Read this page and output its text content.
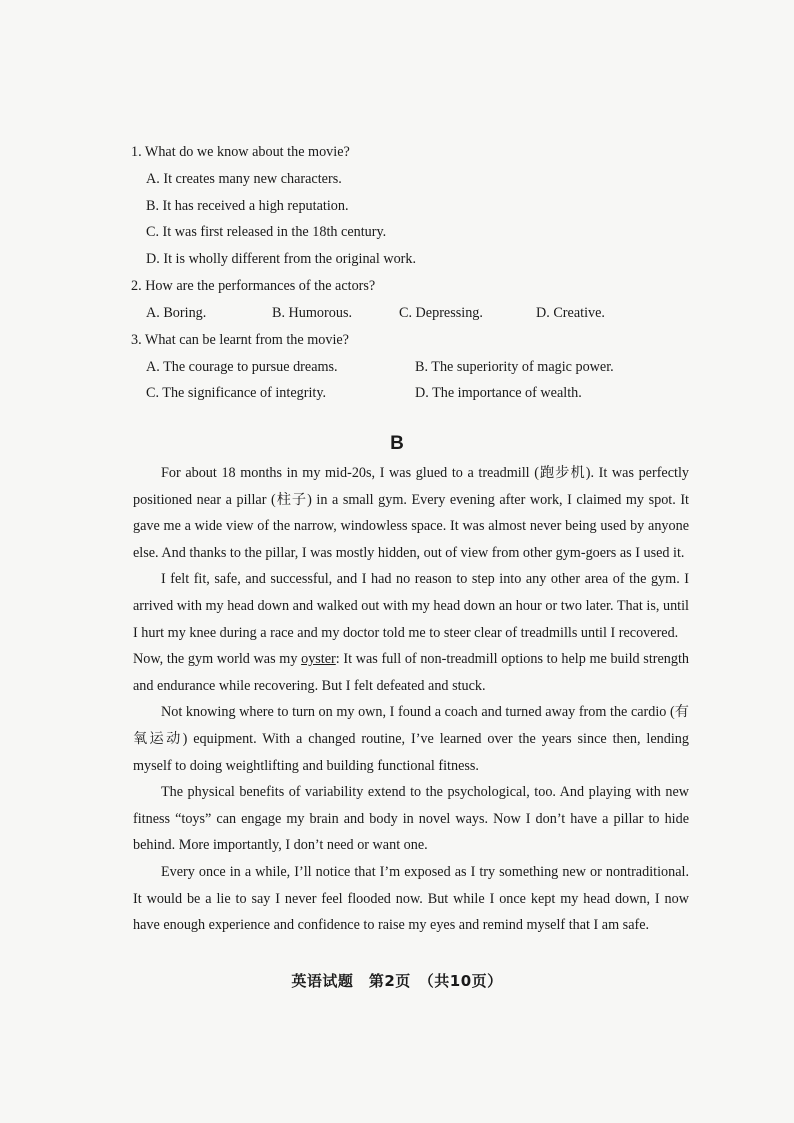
1. What do we know about the movie?
A. It creates many new characters.
B. It has received a high reputation.
C. It was first released in the 18th century.
D. It is wholly different from the original work.
2. How are the performances of the actors?
A. Boring.	B. Humorous.	C. Depressing.	D. Creative.
3. What can be learnt from the movie?
A. The courage to pursue dreams.	B. The superiority of magic power.
C. The significance of integrity.	D. The importance of wealth.
B

For about 18 months in my mid-20s, I was glued to a treadmill (跑步机). It was perfectly positioned near a pillar (柱子) in a small gym. Every evening after work, I claimed my spot. It gave me a wide view of the narrow, windowless space. It was almost never being used by anyone else. And thanks to the pillar, I was mostly hidden, out of view from other gym-goers as I used it.

I felt fit, safe, and successful, and I had no reason to step into any other area of the gym. I arrived with my head down and walked out with my head down an hour or two later. That is, until I hurt my knee during a race and my doctor told me to steer clear of treadmills until I recovered.
Now, the gym world was my oyster: It was full of non-treadmill options to help me build strength and endurance while recovering. But I felt defeated and stuck.

Not knowing where to turn on my own, I found a coach and turned away from the cardio (有氧运动) equipment. With a changed routine, I’ve learned over the years since then, lending myself to doing weightlifting and building functional fitness.

The physical benefits of variability extend to the psychological, too. And playing with new fitness “toys” can engage my brain and body in novel ways. Now I don’t have a pillar to hide behind. More importantly, I don’t need or want one.

Every once in a while, I’ll notice that I’m exposed as I try something new or nontraditional. It would be a lie to say I never feel flooded now. But while I once kept my head down, I now have enough experience and confidence to raise my eyes and remind myself that I am safe.

英语试题　第2页　（共10页）
